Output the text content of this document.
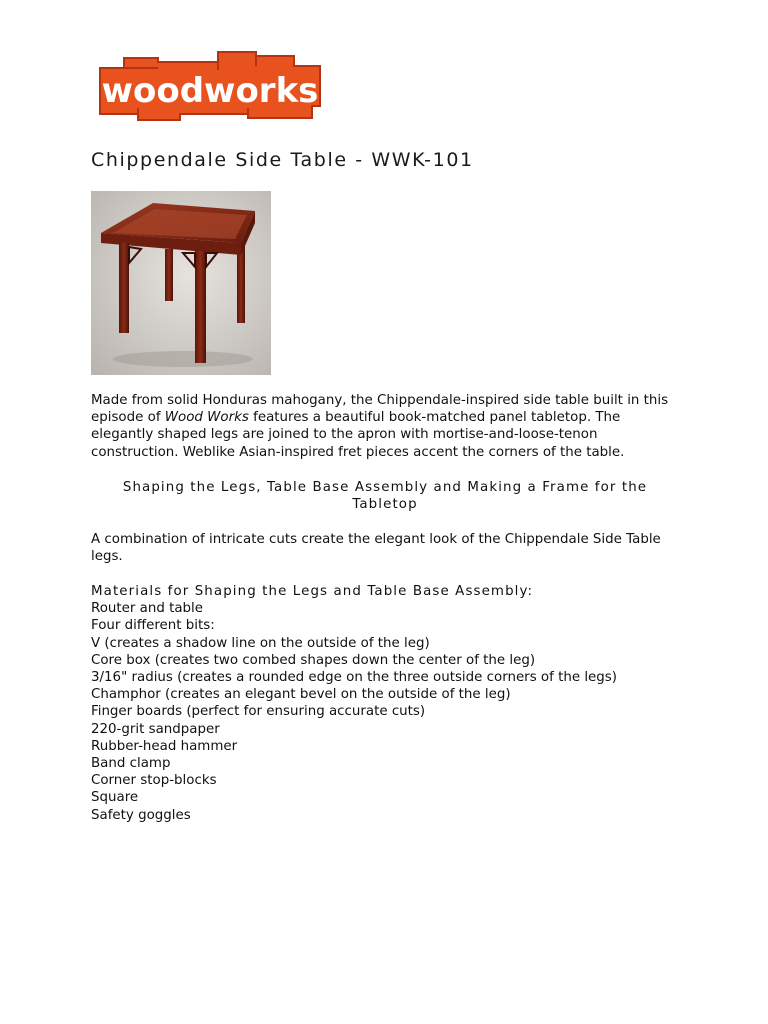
woodworks
Chippendale Side Table - WWK-101

Made from solid Honduras mahogany, the Chippendale-inspired side table built in this episode of Wood Works features a beautiful book-matched panel tabletop. The elegantly shaped legs are joined to the apron with mortise-and-loose-tenon construction. Weblike Asian-inspired fret pieces accent the corners of the table.

Shaping the Legs, Table Base Assembly and Making a Frame for the Tabletop

A combination of intricate cuts create the elegant look of the Chippendale Side Table legs.

Materials for Shaping the Legs and Table Base Assembly:
Router and table
Four different bits:
V (creates a shadow line on the outside of the leg)
Core box (creates two combed shapes down the center of the leg)
3/16" radius (creates a rounded edge on the three outside corners of the legs)
Champhor (creates an elegant bevel on the outside of the leg)
Finger boards (perfect for ensuring accurate cuts)
220-grit sandpaper
Rubber-head hammer
Band clamp
Corner stop-blocks
Square
Safety goggles
